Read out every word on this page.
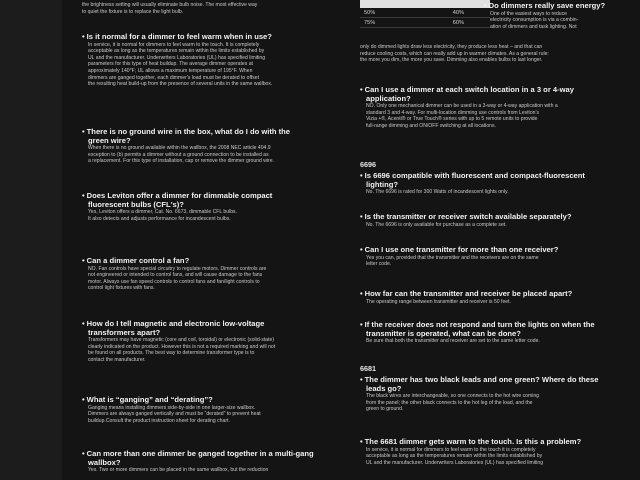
the brightness setting will usually eliminate bulb noise. The most effective way

to quiet the fixture is to replace the light bulb.

• Is it normal for a dimmer to feel warm when in use?

In service, it is normal for dimmers to feel warm to the touch. It is completely

acceptable as long as the temperatures remain within the limits established by

UL and the manufacturer. Underwriters Laboratories (UL) has specified limiting

parameters for this type of heat buildup. The average dimmer operates at

approximately 140°F; UL allows a maximum temperature of 195°F. When

dimmers are ganged together, each dimmer's load must be derated to offset

the resulting heat build-up from the presence of several units in the same wallbox.

• There is no ground wire in the box, what do I do with the

green wire?

When there is no ground available within the wallbox, the 2008 NEC article 404.9

exception to (b) permits a dimmer without a ground connection to be installed as

a replacement. For this type of installation, cap or remove the dimmer ground wire.

• Does Leviton offer a dimmer for dimmable compact

fluorescent bulbs (CFL's)?

Yes, Leviton offers a dimmer, Cat. No. 6673, dimmable CFL bulbs.

It also detects and adjusts performance for incandescent bulbs.

• Can a dimmer control a fan?

NO. Fan controls have special circuitry to regulate motors. Dimmer controls are

not engineered or intended to control fans, and will cause damage to the fans

motor. Always use fan speed controls to control fans and fan/light controls to

control light fixtures with fans.

• How do I tell magnetic and electronic low-voltage

transformers apart?

Transformers may have magnetic (core and coil, toroidal) or electronic (solid-state)

clearly indicated on the product. However this is not a required marking and will not

be found on all products. The best way to determine transformer type is to

contact the manufacturer.

• What is “ganging” and “derating”?

Ganging means installing dimmers side-by-side in one larger-size wallbox.

Dimmers are always ganged vertically and must be “derated” to prevent heat

buildup.Consult the product instruction sheet for derating chart.

• Can more than one dimmer be ganged together in a multi-gang

wallbox?

Yes. Two or more dimmers can be placed in the same wallbox, but the reduction

50%	40%
75%	60%

• Do dimmers really save energy?

One of the easiest ways to reduce

electricity consumption is via a combin-

ation of dimmers and task lighting. Not

only do dimmed lights draw less electricity, they produce less heat – and that can

reduce cooling costs, which can really add up in warmer climates. As a general rule:

the more you dim, the more you save. Dimming also enables bulbs to last longer.

• Can I use a dimmer at each switch location in a 3 or 4-way

application?

NO. Only one mechanical dimmer can be used in a 3-way or 4-way application with a

standard 3 and 4-way. For multi-location dimming use controls from Leviton's

Vizia +®, Acenti® or True Touch® series with up to 5 remote units to provide

full-range dimming and ON/OFF switching at all locations.

6696

• Is 6696 compatible with fluorescent and compact-fluorescent

lighting?

No. The 6696 is rated for 300 Watts of incandescent lights only.

• Is the transmitter or receiver switch available separately?

No. The 6696 is only available for purchase as a complete set.

• Can I use one transmitter for more than one receiver?

Yes you can, provided that the transmitter and the receivers are on the same

letter code.

• How far can the transmitter and receiver be placed apart?

The operating range between transmitter and receiver is 50 feet.

• If the receiver does not respond and turn the lights on when the

transmitter is operated, what can be done?

Be sure that both the transmitter and receiver are set to the same letter code.

6681

• The dimmer has two black leads and one green? Where do these

leads go?

The black wires are interchangeable, so one connects to the hot wire coming

from the panel; the other black connects to the hot leg of the load, and the

green to ground.

• The 6681 dimmer gets warm to the touch. Is this a problem?

In service, it is normal for dimmers to feel warm to the touch it is completely

acceptable as long as the temperatures remain within the limits established by

UL and the manufacturer. Underwriters Laboratories (UL) has specified limiting
